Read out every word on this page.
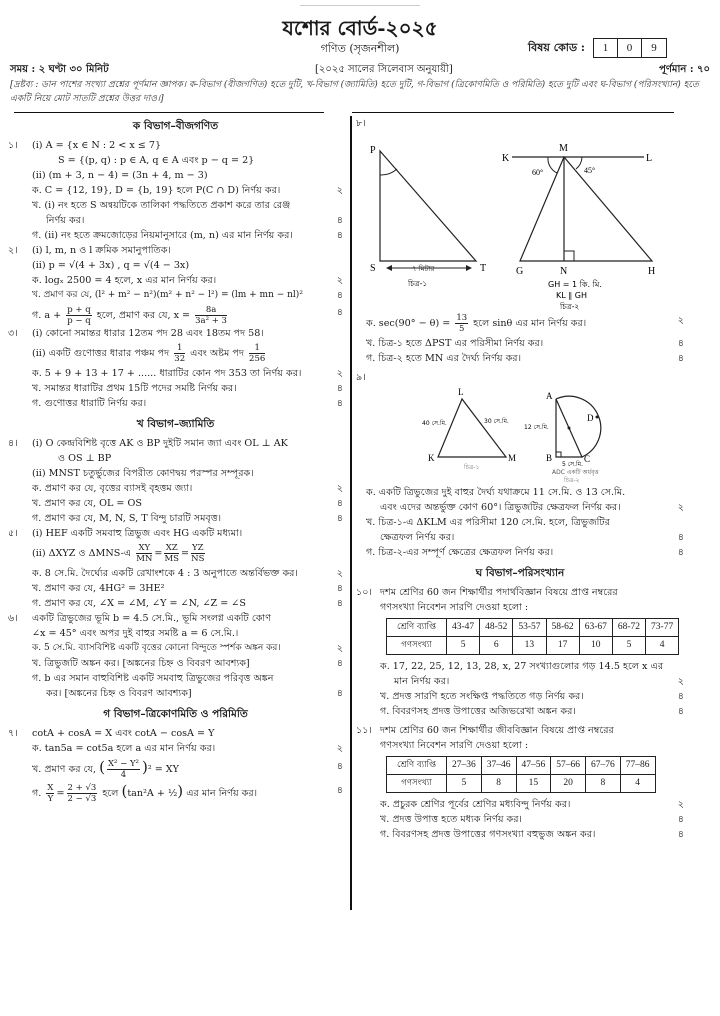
যশোর বোর্ড-২০২৫
গণিত (সৃজনশীল)	বিষয় কোড :	1	0	9
সময় : ২ ঘণ্টা ৩০ মিনিট	[২০২৫ সালের সিলেবাস অনুযায়ী]	পূর্ণমান : ৭০
[দ্রষ্টব্য : ডান পাশের সংখ্যা প্রশ্নের পূর্ণমান জ্ঞাপক। ক-বিভাগ (বীজগণিত) হতে দুটি, খ-বিভাগ (জ্যামিতি) হতে দুটি, গ-বিভাগ (ত্রিকোণমিতি ও পরিমিতি) হতে দুটি এবং ঘ-বিভাগ (পরিসংখ্যান) হতে একটি নিয়ে মোট সাতটি প্রশ্নের উত্তর দাও।]
ক বিভাগ–বীজগণিত
১।	(i) A = {x ∈ N : 2 < x ≤ 7}
S = {(p, q) : p ∈ A, q ∈ A এবং p − q = 2}
(ii) (m + 3, n − 4) = (3n + 4, m − 3)
ক. C = {12, 19}, D = {b, 19} হলে P(C ∩ D) নির্ণয় কর।	২
খ. (i) নং হতে S অন্বয়টিকে তালিকা পদ্ধতিতে প্রকাশ করে তার রেঞ্জ
নির্ণয় কর।	৪
গ. (ii) নং হতে ক্রমজোড়ের নিয়মানুসারে (m, n) এর মান নির্ণয় কর।	৪
২।	(i) l, m, n ও l ক্রমিক সমানুপাতিক।
(ii) p = √(4 + 3x) , q = √(4 − 3x)
ক. logₓ 2500 = 4 হলে, x এর মান নির্ণয় কর।	২
খ. প্রমাণ কর যে, (l² + m² − n²)(m² + n² − l²) = (lm + mn − nl)²	৪
গ. $a + \frac{p + q}{p - q}$ হলে, প্রমাণ কর যে, $x = \frac{8a}{\text{3a² + 3}}$	৪
৩।	(i) কোনো সমান্তর ধারার 12তম পদ 28 এবং 18তম পদ 58।
(ii) একটি গুণোত্তর ধারার পঞ্চম পদ $\frac{1}{32}$ এবং অষ্টম পদ $\frac{1}{256}$
ক. 5 + 9 + 13 + 17 + ...... ধারাটির কোন পদ 353 তা নির্ণয় কর।	২
খ. সমান্তর ধারাটির প্রথম 15টি পদের সমষ্টি নির্ণয় কর।	৪
গ. গুণোত্তর ধারাটি নির্ণয় কর।	৪
খ বিভাগ–জ্যামিতি
৪।	(i) O কেন্দ্রবিশিষ্ট বৃত্তে AK ও BP দুইটি সমান জ্যা এবং OL ⊥ AK
ও OS ⊥ BP
(ii) MNST চতুর্ভুজের বিপরীত কোণদ্বয় পরস্পর সম্পূরক।
ক. প্রমাণ কর যে, বৃত্তের ব্যাসই বৃহত্তম জ্যা।	২
খ. প্রমাণ কর যে, OL = OS	৪
গ. প্রমাণ কর যে, M, N, S, T বিন্দু চারটি সমবৃত্ত।	৪
৫।	(i) HEF একটি সমবাহু ত্রিভুজ এবং HG একটি মধ্যমা।
(ii) ΔXYZ ও ΔMNS-এ $\frac{XY}{MN} = \frac{XZ}{MS} = \frac{YZ}{NS}$
ক. 8 সে.মি. দৈর্ঘ্যের একটি রেখাংশকে 4 : 3 অনুপাতে অন্তর্বিভক্ত কর।	২
খ. প্রমাণ কর যে, 4HG² = 3HE²	৪
গ. প্রমাণ কর যে, ∠X = ∠M, ∠Y = ∠N, ∠Z = ∠S	৪
৬।	একটি ত্রিভুজের ভূমি b = 4.5 সে.মি., ভূমি সংলগ্ন একটি কোণ
∠x = 45° এবং অপর দুই বাহুর সমষ্টি a = 6 সে.মি.।
ক. 5 সে.মি. ব্যাসবিশিষ্ট একটি বৃত্তের কোনো বিন্দুতে স্পর্শক অঙ্কন কর।	২
খ. ত্রিভুজটি অঙ্কন কর। [অঙ্কনের চিহ্ন ও বিবরণ আবশ্যক]	৪
গ. b এর সমান বাহুবিশিষ্ট একটি সমবাহু ত্রিভুজের পরিবৃত্ত অঙ্কন
কর। [অঙ্কনের চিহ্ন ও বিবরণ আবশ্যক]	৪
গ বিভাগ–ত্রিকোণমিতি ও পরিমিতি
৭।	cotA + cosA = X এবং cotA − cosA = Y
ক. tan5a = cot5a হলে a এর মান নির্ণয় কর।	২
খ. প্রমাণ কর যে, ( $\frac{\text{X² − Y²}}{4} )^2$ = XY	৪
গ. $\frac{X}{Y} = \frac{2 + √3}{2 - √3}$ হলে (tan²A + ½) এর মান নির্ণয় কর।	৪
৮।
P
S	T
৭ মিটার
চিত্র-১
K
M
L
G	N	H
60°	45°
GH = 1 কি. মি.
KL ∥ GH
চিত্র-২
ক. $\sec(90^\circ - \theta) = \frac{13}{5}$ হলে sinθ এর মান নির্ণয় কর।	২
খ. চিত্র-১ হতে ΔPST এর পরিসীমা নির্ণয় কর।	৪
গ. চিত্র-২ হতে MN এর দৈর্ঘ্য নির্ণয় কর।	৪
৯।
L
K	M
40 সে.মি.	30 সে.মি.
চিত্র-১
A
B	C
D
12 সে.মি.
5 সে.মি.
ADC একটি অর্ধবৃত্ত
চিত্র-২
ক. একটি ত্রিভুজের দুই বাহুর দৈর্ঘ্য যথাক্রমে 11 সে.মি. ও 13 সে.মি.
এবং এদের অন্তর্ভুক্ত কোণ 60°। ত্রিভুজটির ক্ষেত্রফল নির্ণয় কর।	২
খ. চিত্র-১-এ ΔKLM এর পরিসীমা 120 সে.মি. হলে, ত্রিভুজটির
ক্ষেত্রফল নির্ণয় কর।	৪
গ. চিত্র-২-এর সম্পূর্ণ ক্ষেত্রের ক্ষেত্রফল নির্ণয় কর।	৪
ঘ বিভাগ–পরিসংখ্যান
১০। দশম শ্রেণির 60 জন শিক্ষার্থীর পদার্থবিজ্ঞান বিষয়ে প্রাপ্ত নম্বরের
গণসংখ্যা নিবেশন সারণি দেওয়া হলো :
শ্রেণি ব্যাপ্তি	43-47	48-52	53-57	58-62	63-67	68-72	73-77
গণসংখ্যা	5	6	13	17	10	5	4
ক. 17, 22, 25, 12, 13, 28, x, 27 সংখ্যাগুলোর গড় 14.5 হলে x এর
মান নির্ণয় কর।	২
খ. প্রদত্ত সারণি হতে সংক্ষিপ্ত পদ্ধতিতে গড় নির্ণয় কর।	৪
গ. বিবরণসহ প্রদত্ত উপাত্তের অজিভরেখা অঙ্কন কর।	৪
১১। দশম শ্রেণির 60 জন শিক্ষার্থীর জীববিজ্ঞান বিষয়ে প্রাপ্ত নম্বরের
গণসংখ্যা নিবেশন সারণি দেওয়া হলো :
শ্রেণি ব্যাপ্তি	27–36	37–46	47–56	57–66	67–76	77–86
গণসংখ্যা	5	8	15	20	8	4
ক. প্রচুরক শ্রেণির পূর্বের শ্রেণির মধ্যবিন্দু নির্ণয় কর।	২
খ. প্রদত্ত উপাত্ত হতে মধ্যক নির্ণয় কর।	৪
গ. বিবরণসহ প্রদত্ত উপাত্তের গণসংখ্যা বহুভুজ অঙ্কন কর।	৪
